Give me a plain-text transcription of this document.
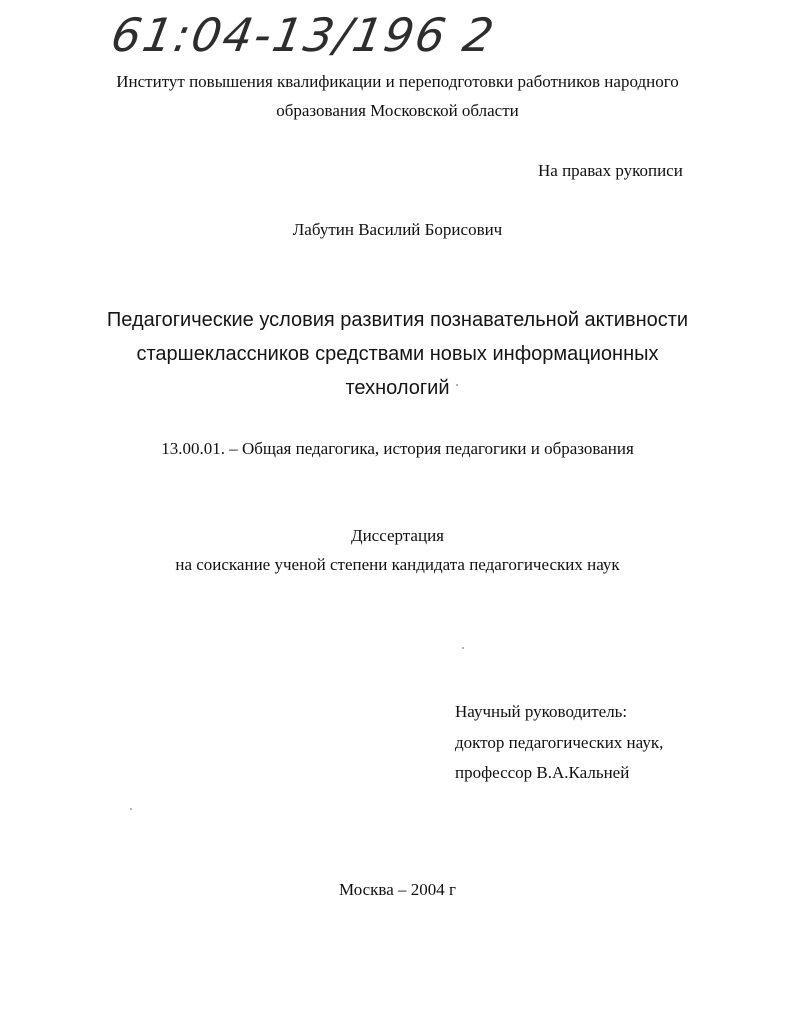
61:04-13/196 2
Институт повышения квалификации и переподготовки работников народного
образования Московской области
На правах рукописи
Лабутин Василий Борисович
Педагогические условия развития познавательной активности
старшеклассников средствами новых информационных
технологий
13.00.01. – Общая педагогика, история педагогики и образования
Диссертация
на соискание ученой степени кандидата педагогических наук
Научный руководитель:
доктор педагогических наук,
профессор В.А.Кальней
Москва – 2004 г
